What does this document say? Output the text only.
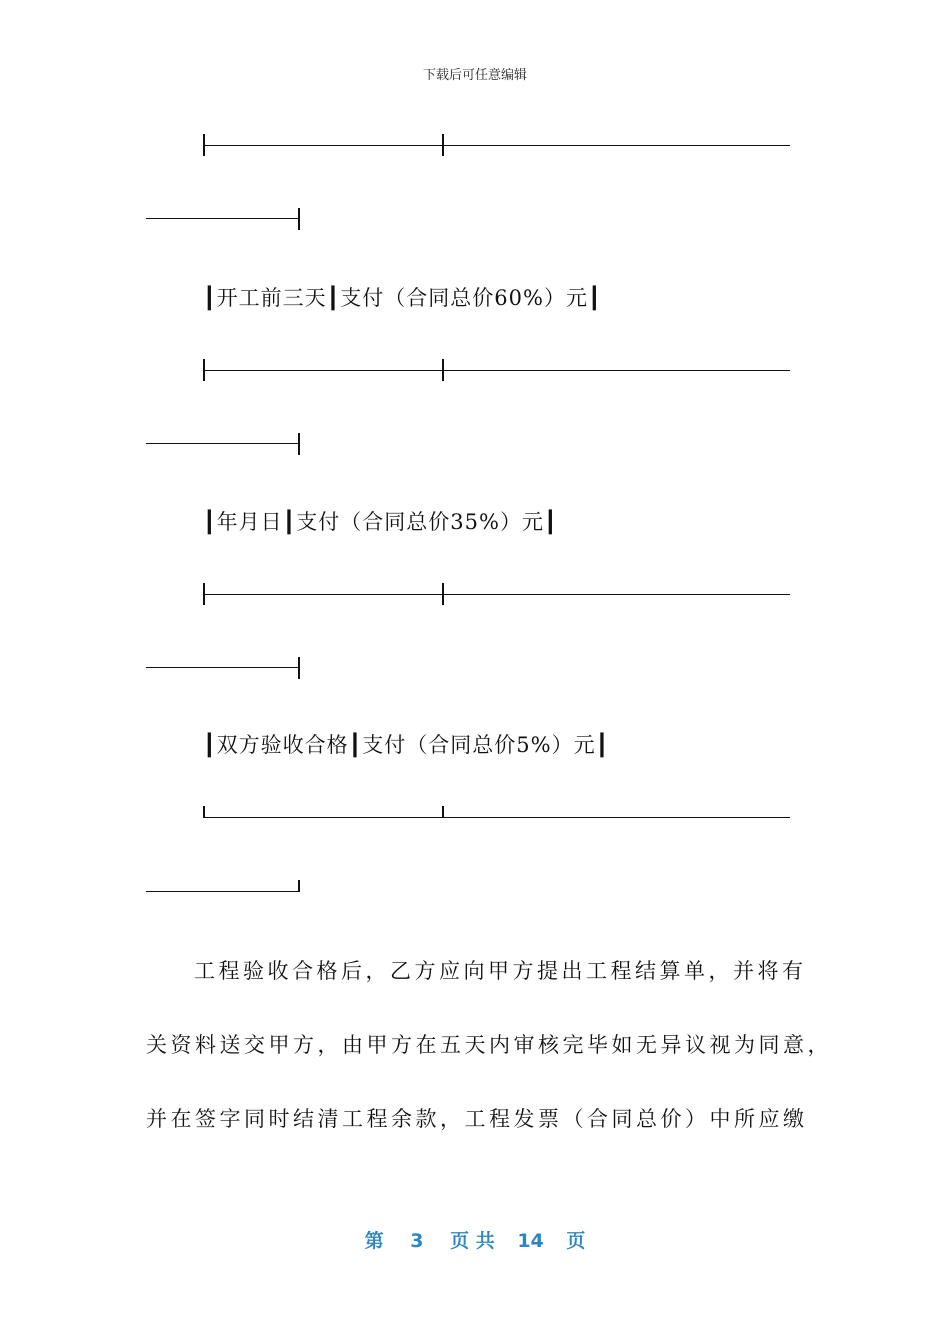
下载后可任意编辑
┃开工前三天┃支付（合同总价60%）元┃
┃年月日┃支付（合同总价35%）元┃
┃双方验收合格┃支付（合同总价5%）元┃
工程验收合格后，乙方应向甲方提出工程结算单，并将有
关资料送交甲方，由甲方在五天内审核完毕如无异议视为同意，
并在签字同时结清工程余款，工程发票（合同总价）中所应缴
第 3 页 共 14 页
